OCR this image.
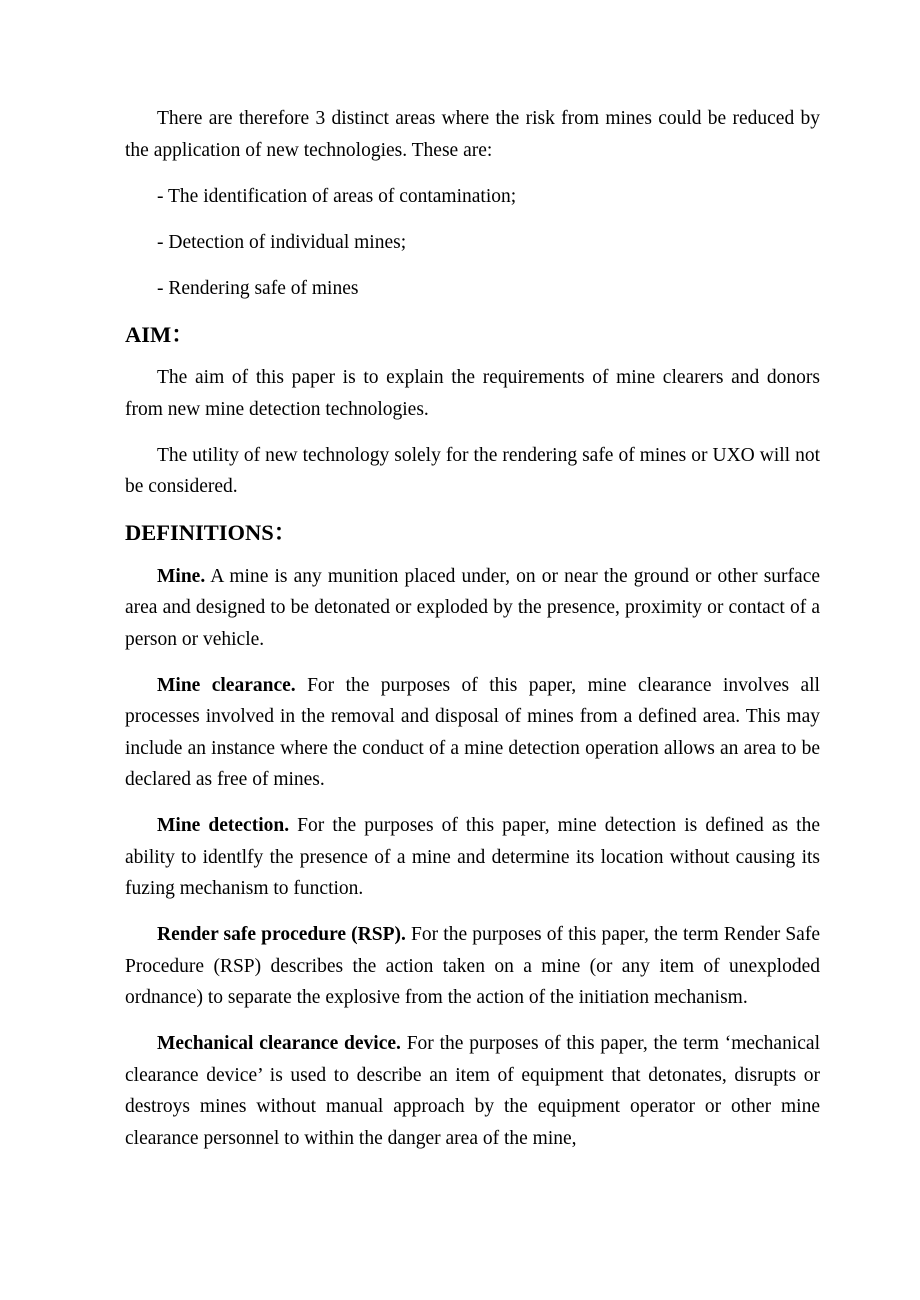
There are therefore 3 distinct areas where the risk from mines could be reduced by the application of new technologies. These are:

- The identification of areas of contamination;

- Detection of individual mines;

- Rendering safe of mines

AIM：

The aim of this paper is to explain the requirements of mine clearers and donors from new mine detection technologies.

The utility of new technology solely for the rendering safe of mines or UXO will not be considered.

DEFINITIONS：

Mine. A mine is any munition placed under, on or near the ground or other surface area and designed to be detonated or exploded by the presence, proximity or contact of a person or vehicle.

Mine clearance. For the purposes of this paper, mine clearance involves all processes involved in the removal and disposal of mines from a defined area. This may include an instance where the conduct of a mine detection operation allows an area to be declared as free of mines.

Mine detection. For the purposes of this paper, mine detection is defined as the ability to identlfy the presence of a mine and determine its location without causing its fuzing mechanism to function.

Render safe procedure (RSP). For the purposes of this paper, the term Render Safe Procedure (RSP) describes the action taken on a mine (or any item of unexploded ordnance) to separate the explosive from the action of the initiation mechanism.

Mechanical clearance device. For the purposes of this paper, the term ‘mechanical clearance device’ is used to describe an item of equipment that detonates, disrupts or destroys mines without manual approach by the equipment operator or other mine clearance personnel to within the danger area of the mine,
